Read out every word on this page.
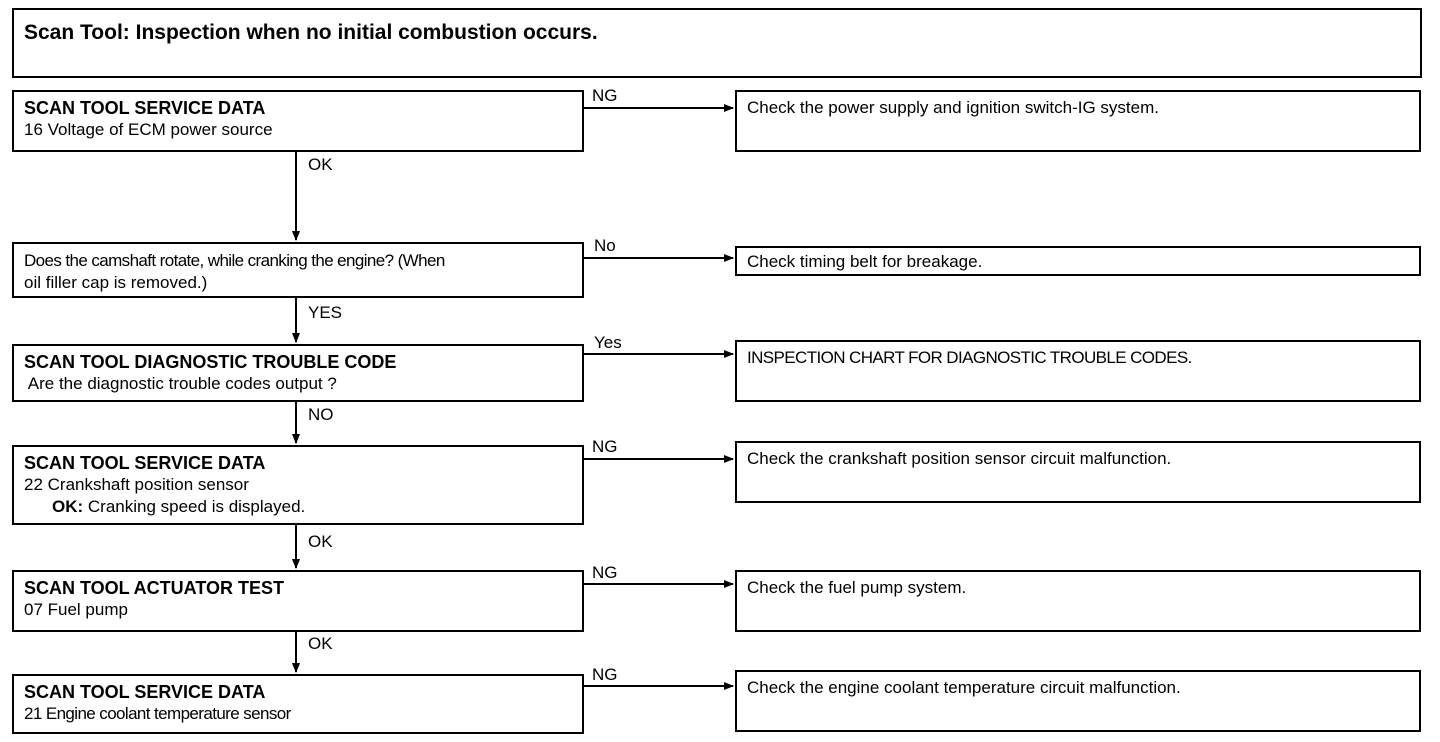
Scan Tool: Inspection when no initial combustion occurs.
SCAN TOOL SERVICE DATA
16 Voltage of ECM power source
Check the power supply and ignition switch-IG system.
Does the camshaft rotate, while cranking the engine? (When
oil filler cap is removed.)
Check timing belt for breakage.
SCAN TOOL DIAGNOSTIC TROUBLE CODE
Are the diagnostic trouble codes output ?
INSPECTION CHART FOR DIAGNOSTIC TROUBLE CODES.
SCAN TOOL SERVICE DATA
22 Crankshaft position sensor
OK: Cranking speed is displayed.
Check the crankshaft position sensor circuit malfunction.
SCAN TOOL ACTUATOR TEST
07 Fuel pump
Check the fuel pump system.
SCAN TOOL SERVICE DATA
21 Engine coolant temperature sensor
Check the engine coolant temperature circuit malfunction.
NG
No
Yes
NG
NG
NG
OK
YES
NO
OK
OK
